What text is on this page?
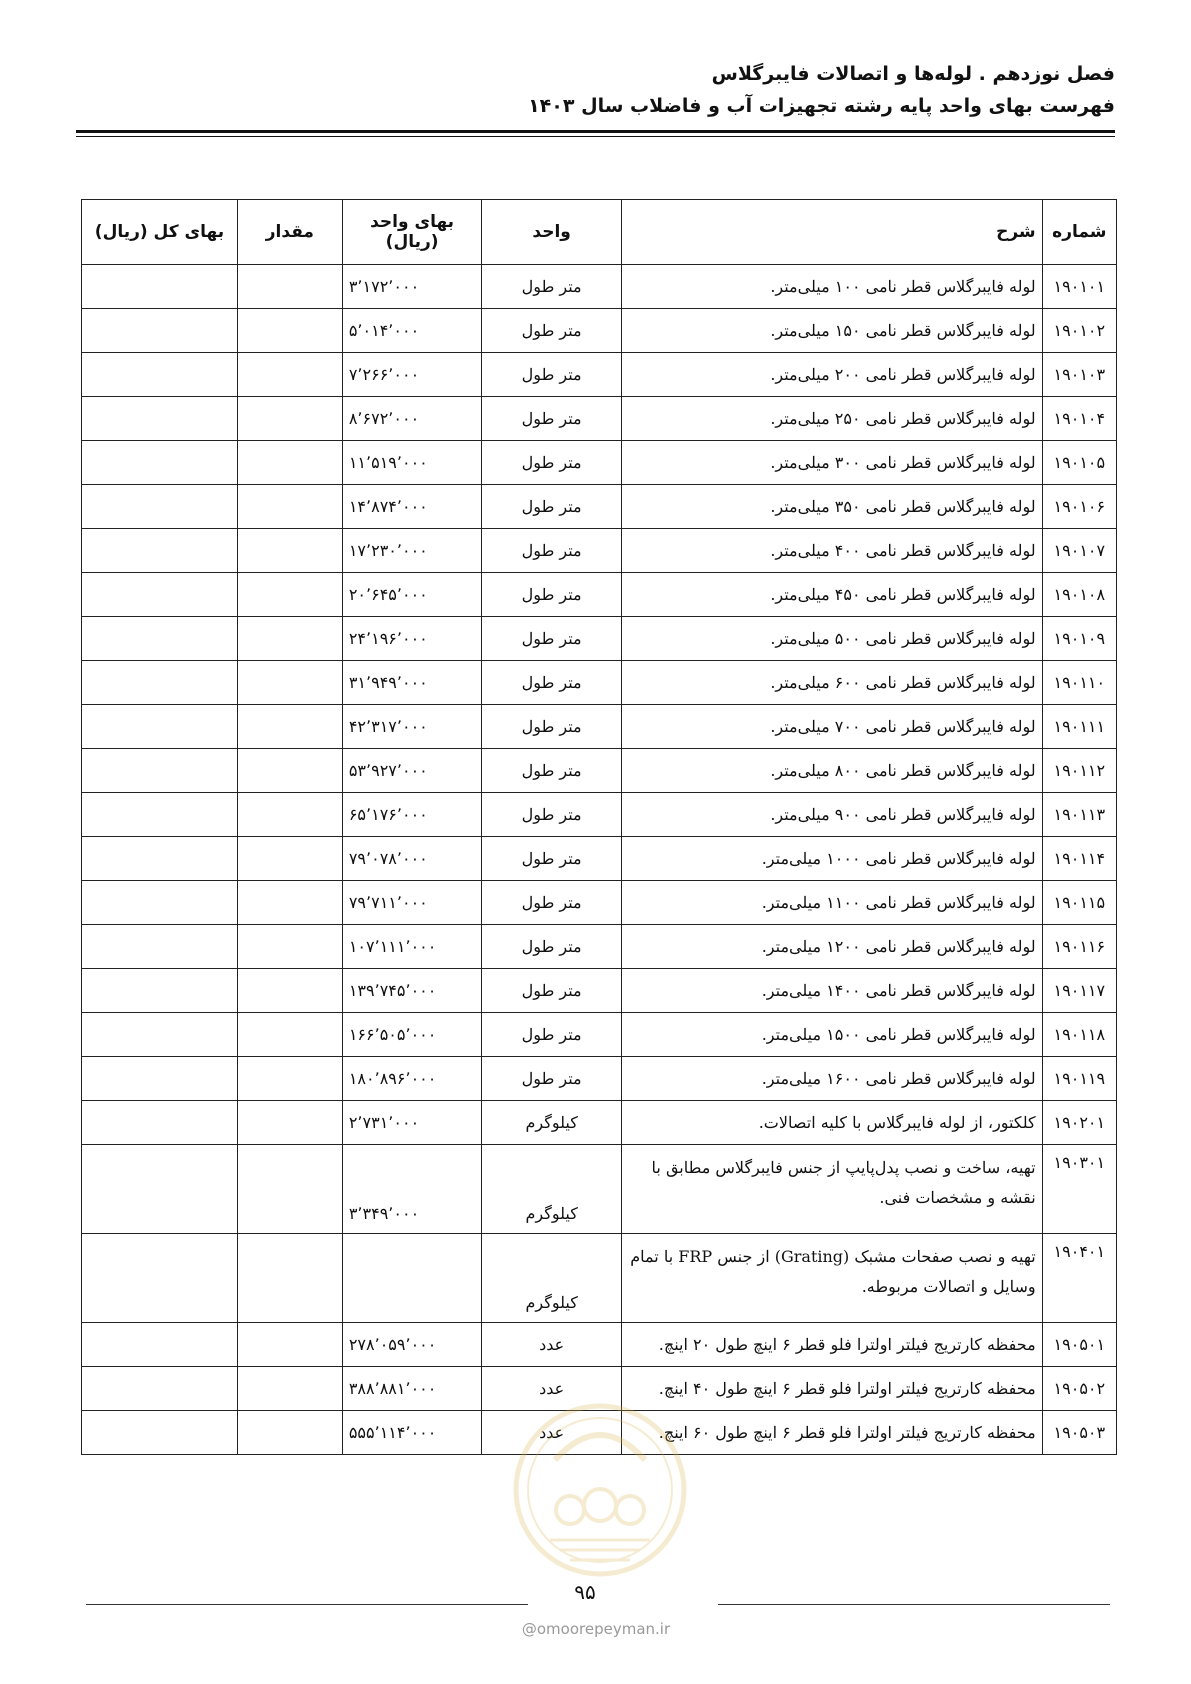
فصل نوزدهم . لوله‌ها و اتصالات فایبرگلاس
فهرست بهای واحد پایه رشته تجهیزات آب و فاضلاب سال ۱۴۰۳
شماره	شرح	واحد	بهای واحد (ریال)	مقدار	بهای کل (ریال)
۱۹۰۱۰۱	لوله فایبرگلاس قطر نامی ۱۰۰ میلی‌متر.	متر طول	۳٬۱۷۲٬۰۰۰		
۱۹۰۱۰۲	لوله فایبرگلاس قطر نامی ۱۵۰ میلی‌متر.	متر طول	۵٬۰۱۴٬۰۰۰		
۱۹۰۱۰۳	لوله فایبرگلاس قطر نامی ۲۰۰ میلی‌متر.	متر طول	۷٬۲۶۶٬۰۰۰		
۱۹۰۱۰۴	لوله فایبرگلاس قطر نامی ۲۵۰ میلی‌متر.	متر طول	۸٬۶۷۲٬۰۰۰		
۱۹۰۱۰۵	لوله فایبرگلاس قطر نامی ۳۰۰ میلی‌متر.	متر طول	۱۱٬۵۱۹٬۰۰۰		
۱۹۰۱۰۶	لوله فایبرگلاس قطر نامی ۳۵۰ میلی‌متر.	متر طول	۱۴٬۸۷۴٬۰۰۰		
۱۹۰۱۰۷	لوله فایبرگلاس قطر نامی ۴۰۰ میلی‌متر.	متر طول	۱۷٬۲۳۰٬۰۰۰		
۱۹۰۱۰۸	لوله فایبرگلاس قطر نامی ۴۵۰ میلی‌متر.	متر طول	۲۰٬۶۴۵٬۰۰۰		
۱۹۰۱۰۹	لوله فایبرگلاس قطر نامی ۵۰۰ میلی‌متر.	متر طول	۲۴٬۱۹۶٬۰۰۰		
۱۹۰۱۱۰	لوله فایبرگلاس قطر نامی ۶۰۰ میلی‌متر.	متر طول	۳۱٬۹۴۹٬۰۰۰		
۱۹۰۱۱۱	لوله فایبرگلاس قطر نامی ۷۰۰ میلی‌متر.	متر طول	۴۲٬۳۱۷٬۰۰۰		
۱۹۰۱۱۲	لوله فایبرگلاس قطر نامی ۸۰۰ میلی‌متر.	متر طول	۵۳٬۹۲۷٬۰۰۰		
۱۹۰۱۱۳	لوله فایبرگلاس قطر نامی ۹۰۰ میلی‌متر.	متر طول	۶۵٬۱۷۶٬۰۰۰		
۱۹۰۱۱۴	لوله فایبرگلاس قطر نامی ۱۰۰۰ میلی‌متر.	متر طول	۷۹٬۰۷۸٬۰۰۰		
۱۹۰۱۱۵	لوله فایبرگلاس قطر نامی ۱۱۰۰ میلی‌متر.	متر طول	۷۹٬۷۱۱٬۰۰۰		
۱۹۰۱۱۶	لوله فایبرگلاس قطر نامی ۱۲۰۰ میلی‌متر.	متر طول	۱۰۷٬۱۱۱٬۰۰۰		
۱۹۰۱۱۷	لوله فایبرگلاس قطر نامی ۱۴۰۰ میلی‌متر.	متر طول	۱۳۹٬۷۴۵٬۰۰۰		
۱۹۰۱۱۸	لوله فایبرگلاس قطر نامی ۱۵۰۰ میلی‌متر.	متر طول	۱۶۶٬۵۰۵٬۰۰۰		
۱۹۰۱۱۹	لوله فایبرگلاس قطر نامی ۱۶۰۰ میلی‌متر.	متر طول	۱۸۰٬۸۹۶٬۰۰۰		
۱۹۰۲۰۱	کلکتور، از لوله فایبرگلاس با کلیه اتصالات.	کیلوگرم	۲٬۷۳۱٬۰۰۰		
۱۹۰۳۰۱	تهیه، ساخت و نصب پدل‌پایپ از جنس فایبرگلاس مطابق با نقشه و مشخصات فنی.	کیلوگرم	۳٬۳۴۹٬۰۰۰		
۱۹۰۴۰۱	تهیه و نصب صفحات مشبک (Grating) از جنس FRP با تمام وسایل و اتصالات مربوطه.	کیلوگرم			
۱۹۰۵۰۱	محفظه کارتریج فیلتر اولترا فلو قطر ۶ اینچ طول ۲۰ اینچ.	عدد	۲۷۸٬۰۵۹٬۰۰۰		
۱۹۰۵۰۲	محفظه کارتریج فیلتر اولترا فلو قطر ۶ اینچ طول ۴۰ اینچ.	عدد	۳۸۸٬۸۸۱٬۰۰۰		
۱۹۰۵۰۳	محفظه کارتریج فیلتر اولترا فلو قطر ۶ اینچ طول ۶۰ اینچ.	عدد	۵۵۵٬۱۱۴٬۰۰۰		
۹۵
@omoorepeyman.ir
